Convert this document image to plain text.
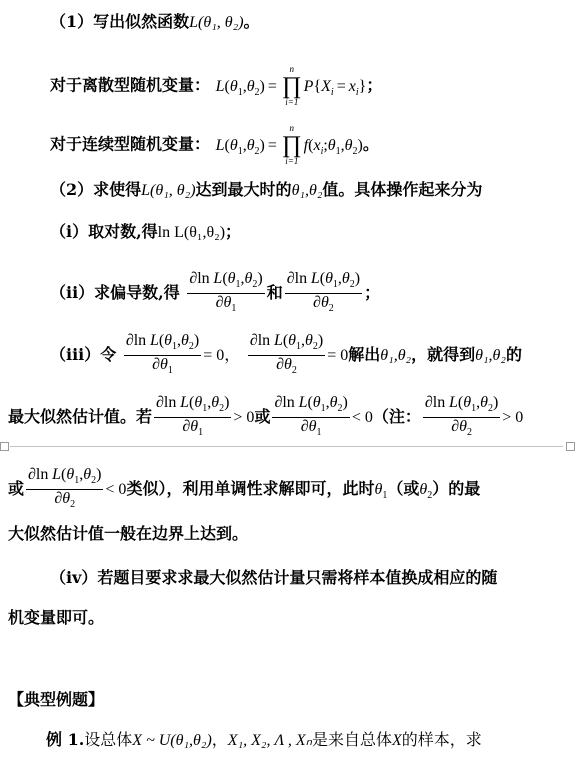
（1）写出似然函数L(θ₁, θ₂)。
对于离散型随机变量： $L(\theta_1,\theta_2)$ =
n
∏
i=1
$P\{X_i = x_i\}$；
对于连续型随机变量： $L(\theta_1,\theta_2)$ =
n
∏
i=1
$f(x_i;\theta_1,\theta_2)$。
（2）求使得L(θ₁, θ₂)达到最大时的θ₁,θ₂值。具体操作起来分为
（i）取对数,得ln L(θ₁,θ₂)；
（ii）求偏导数,得 $\frac{\partial\ln L(\theta_1,\theta_2)}{\partial\theta_1}$ 和 $\frac{\partial\ln L(\theta_1,\theta_2)}{\partial\theta_2}$ ；
（iii）令 $\frac{\partial\ln L(\theta_1,\theta_2)}{\partial\theta_1} = 0$， $\frac{\partial\ln L(\theta_1,\theta_2)}{\partial\theta_2} = 0$解出θ₁,θ₂，就得到θ₁,θ₂的
最大似然估计值。若 $\frac{\partial\ln L(\theta_1,\theta_2)}{\partial\theta_1} > 0$或 $\frac{\partial\ln L(\theta_1,\theta_2)}{\partial\theta_1} < 0$（注： $\frac{\partial\ln L(\theta_1,\theta_2)}{\partial\theta_2} > 0$
或 $\frac{\partial\ln L(\theta_1,\theta_2)}{\partial\theta_2} < 0$类似），利用单调性求解即可，此时$\theta_1$（或$\theta_2$）的最
大似然估计值一般在边界上达到。
（iv）若题目要求求最大似然估计量只需将样本值换成相应的随
机变量即可。
【典型例题】
例 1.设总体X ~ U(θ₁,θ₂)，X₁, X₂, Λ , Xₙ是来自总体X的样本，求
